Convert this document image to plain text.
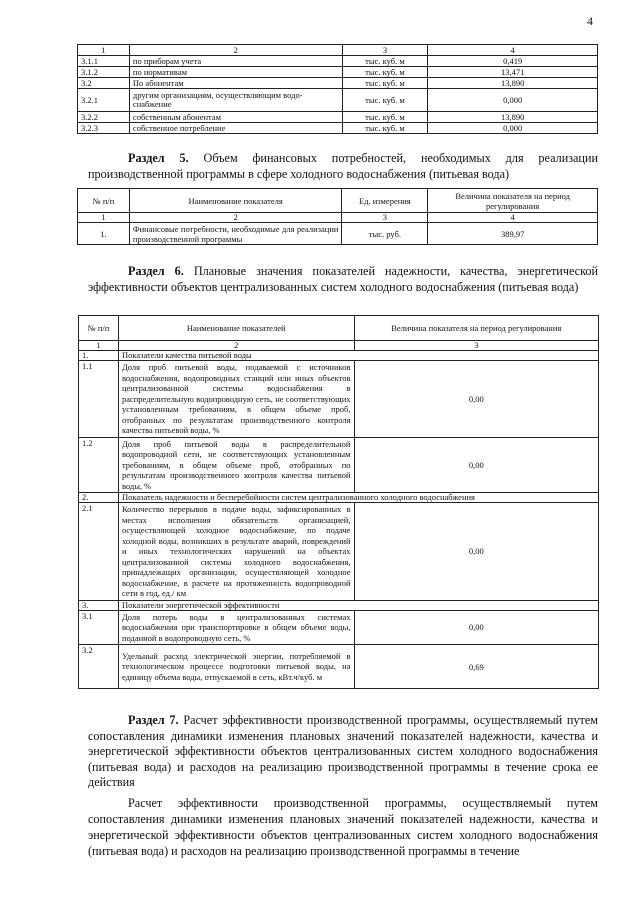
4
1	2	3	4
3.1.1	по приборам учета	тыс. куб. м	0,419
3.1.2	по нормативам	тыс. куб. м	13,471
3.2	По абонентам	тыс. куб. м	13,890
3.2.1	другим организациям, осуществляющим водо-снабжение	тыс. куб. м	0,000
3.2.2	собственным абонентам	тыс. куб. м	13,890
3.2.3	собственное потребление	тыс. куб. м	0,000
Раздел 5. Объем финансовых потребностей, необходимых для реализации производственной программы в сфере холодного водоснабжения (питьевая вода)
№ п/п	Наименование показателя	Ед. измерения	Величина показателя на период регулирования
1	2	3	4
1.	Финансовые потребности, необходимые для реализации производственной программы	тыс. руб.	389,97
Раздел 6. Плановые значения показателей надежности, качества, энергетической эффективности объектов централизованных систем холодного водоснабжения (питьевая вода)
№ п/п	Наименование показателей	Величина показателя на период регулирования
1	2	3
1.	Показатели качества питьевой воды	
1.1	Доля проб питьевой воды, подаваемой с источников водоснабжения, водопроводных станций или иных объектов централизованной системы водоснабжения в распределительную водопроводную сеть, не соответствующих установленным требованиям, в общем объеме проб, отобранных по результатам производственного контроля качества питьевой воды, %	0,00
1.2	Доля проб питьевой воды в распределительной водопроводной сети, не соответствующих установленным требованиям, в общем объеме проб, отобранных по результатам производственного контроля качества питьевой воды, %	0,00
2.	Показатель надежности и бесперебойности систем централизованного холодного водоснабжения	
2.1	Количество перерывов в подаче воды, зафиксированных в местах исполнения обязательств организацией, осуществляющей холодное водоснабжение, по подаче холодной воды, возникших в результате аварий, повреждений и иных технологических нарушений на объектах централизованной системы холодного водоснабжения, принадлежащих организации, осуществляющей холодное водоснабжение, в расчете на протяженность водопроводной сети в год, ед./ км	0,00
3.	Показатели энергетической эффективности	
3.1	Доля потерь воды в централизованных системах водоснабжения при транспортировке в общем объеме воды, поданной в водопроводную сеть, %	0,00
3.2	Удельный расход электрической энергии, потребляемой в технологическом процессе подготовки питьевой воды, на единицу объема воды, отпускаемой в сеть, кВт.ч/куб. м	0,69
Раздел 7. Расчет эффективности производственной программы, осуществляемый путем сопоставления динамики изменения плановых значений показателей надежности, качества и энергетической эффективности объектов централизованных систем холодного водоснабжения (питьевая вода) и расходов на реализацию производственной программы в течение срока ее действия
Расчет эффективности производственной программы, осуществляемый путем сопоставления динамики изменения плановых значений показателей надежности, качества и энергетической эффективности объектов централизованных систем холодного водоснабжения (питьевая вода) и расходов на реализацию производственной программы в течение
